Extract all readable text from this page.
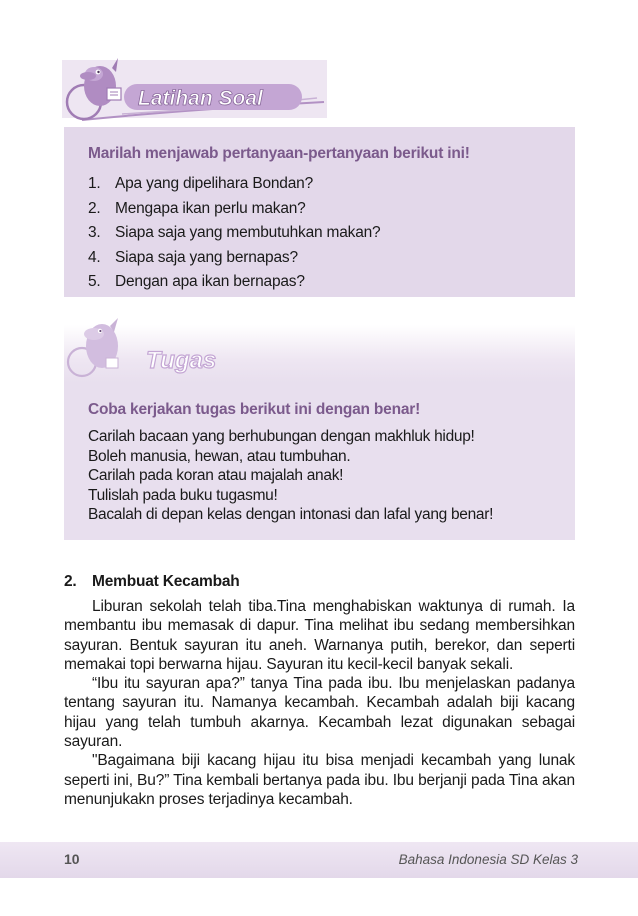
Latihan Soal
Marilah menjawab pertanyaan-pertanyaan berikut ini!
1. Apa yang dipelihara Bondan?
2. Mengapa ikan perlu makan?
3. Siapa saja yang membutuhkan makan?
4. Siapa saja yang bernapas?
5. Dengan apa ikan bernapas?
Tugas
Coba kerjakan tugas berikut ini dengan benar!
Carilah bacaan yang berhubungan dengan makhluk hidup!
Boleh manusia, hewan, atau tumbuhan.
Carilah pada koran atau majalah anak!
Tulislah pada buku tugasmu!
Bacalah di depan kelas dengan intonasi dan lafal yang benar!
2. Membuat Kecambah

Liburan sekolah telah tiba.Tina menghabiskan waktunya di rumah. Ia membantu ibu memasak di dapur. Tina melihat ibu sedang membersihkan sayuran. Bentuk sayuran itu aneh. Warnanya putih, berekor, dan seperti memakai topi berwarna hijau. Sayuran itu kecil-kecil banyak sekali.

“Ibu itu sayuran apa?” tanya Tina pada ibu. Ibu menjelaskan padanya tentang sayuran itu. Namanya kecambah. Kecambah adalah biji kacang hijau yang telah tumbuh akarnya. Kecambah lezat digunakan sebagai sayuran.

"Bagaimana biji kacang hijau itu bisa menjadi kecambah yang lunak seperti ini, Bu?” Tina kembali bertanya pada ibu. Ibu berjanji pada Tina akan menunjukakn proses terjadinya kecambah.

10	Bahasa Indonesia SD Kelas 3
